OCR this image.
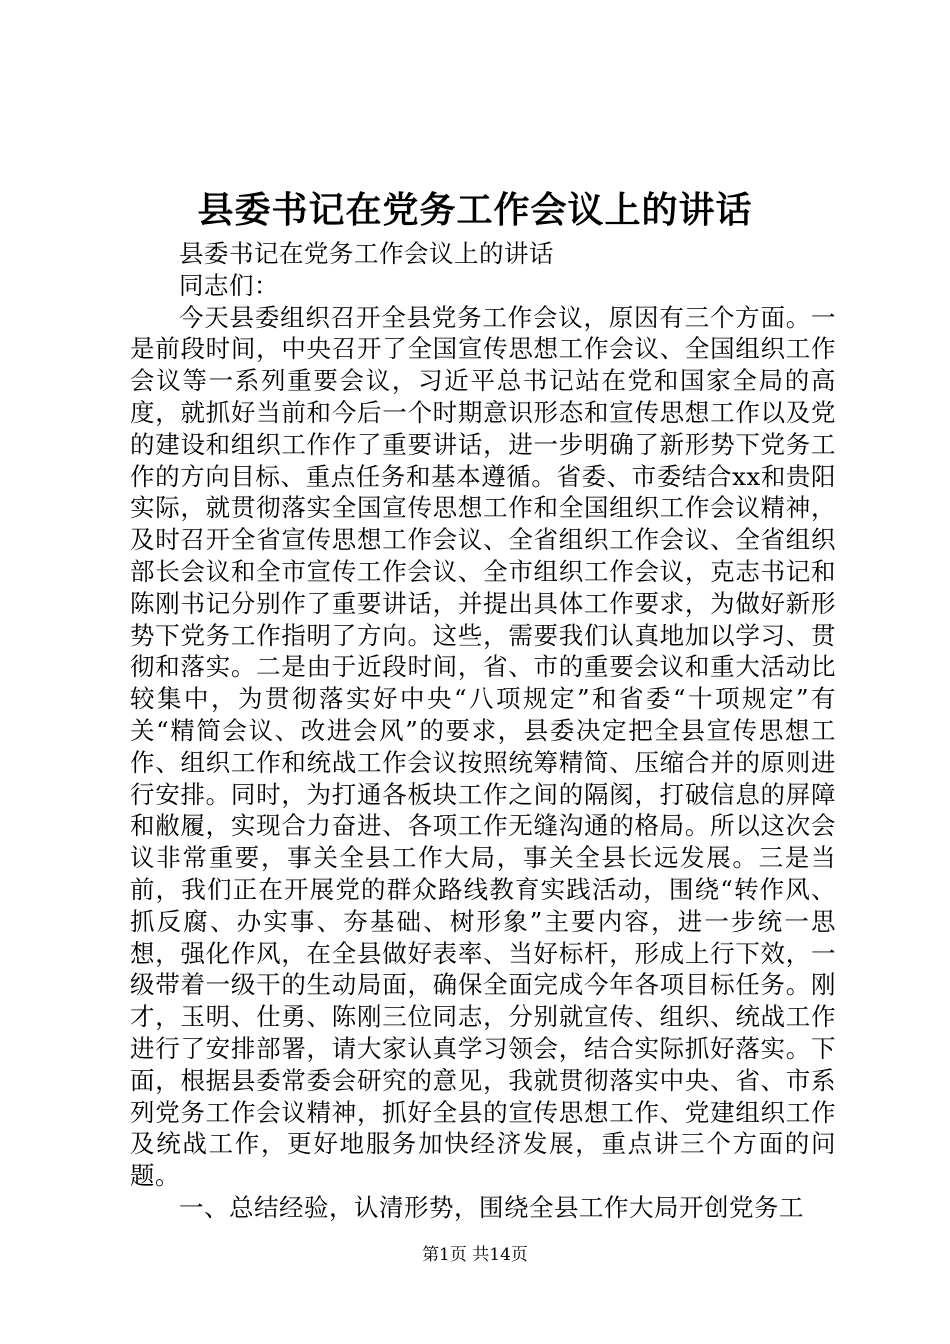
县委书记在党务工作会议上的讲话

县委书记在党务工作会议上的讲话

同志们：

今天县委组织召开全县党务工作会议，原因有三个方面。一是前段时间，中央召开了全国宣传思想工作会议、全国组织工作会议等一系列重要会议，习近平总书记站在党和国家全局的高度，就抓好当前和今后一个时期意识形态和宣传思想工作以及党的建设和组织工作作了重要讲话，进一步明确了新形势下党务工作的方向目标、重点任务和基本遵循。省委、市委结合xx和贵阳实际，就贯彻落实全国宣传思想工作和全国组织工作会议精神，及时召开全省宣传思想工作会议、全省组织工作会议、全省组织部长会议和全市宣传工作会议、全市组织工作会议，克志书记和陈刚书记分别作了重要讲话，并提出具体工作要求，为做好新形势下党务工作指明了方向。这些，需要我们认真地加以学习、贯彻和落实。二是由于近段时间，省、市的重要会议和重大活动比较集中，为贯彻落实好中央“八项规定”和省委“十项规定”有关“精简会议、改进会风”的要求，县委决定把全县宣传思想工作、组织工作和统战工作会议按照统筹精简、压缩合并的原则进行安排。同时，为打通各板块工作之间的隔阂，打破信息的屏障和敝履，实现合力奋进、各项工作无缝沟通的格局。所以这次会议非常重要，事关全县工作大局，事关全县长远发展。三是当前，我们正在开展党的群众路线教育实践活动，围绕“转作风、抓反腐、办实事、夯基础、树形象”主要内容，进一步统一思想，强化作风，在全县做好表率、当好标杆，形成上行下效，一级带着一级干的生动局面，确保全面完成今年各项目标任务。刚才，玉明、仕勇、陈刚三位同志，分别就宣传、组织、统战工作进行了安排部署，请大家认真学习领会，结合实际抓好落实。下面，根据县委常委会研究的意见，我就贯彻落实中央、省、市系列党务工作会议精神，抓好全县的宣传思想工作、党建组织工作及统战工作，更好地服务加快经济发展，重点讲三个方面的问题。

一、总结经验，认清形势，围绕全县工作大局开创党务工

第1页 共14页
